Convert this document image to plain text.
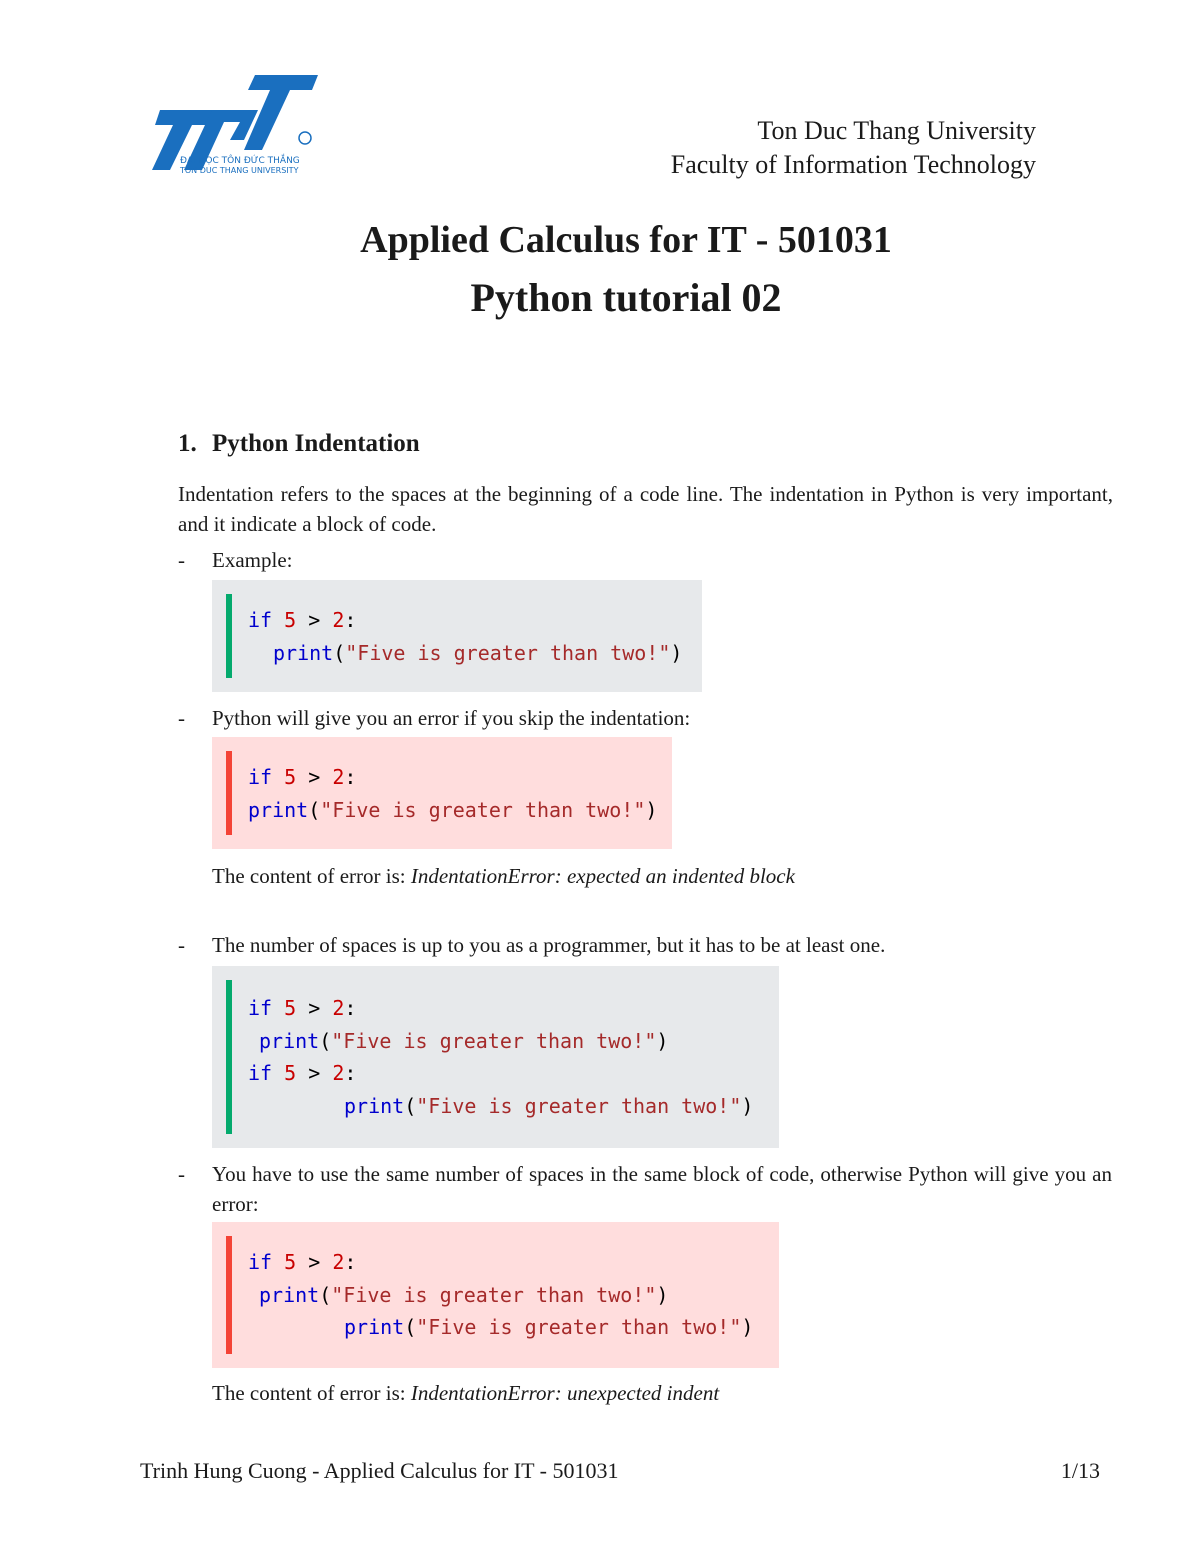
ĐẠI HỌC TÔN ĐỨC THẮNG
TON DUC THANG UNIVERSITY
Ton Duc Thang University
Faculty of Information Technology
Applied Calculus for IT - 501031
Python tutorial 02
1. Python Indentation
Indentation refers to the spaces at the beginning of a code line. The indentation in Python is very important, and it indicate a block of code.
- Example:

if 5 > 2:

print("Five is greater than two!")

- Python will give you an error if you skip the indentation:

if 5 > 2:

print("Five is greater than two!")

The content of error is: IndentationError: expected an indented block
- The number of spaces is up to you as a programmer, but it has to be at least one.

if 5 > 2:

print("Five is greater than two!")

if 5 > 2:

print("Five is greater than two!")

- You have to use the same number of spaces in the same block of code, otherwise Python will give you an error:

if 5 > 2:

print("Five is greater than two!")

print("Five is greater than two!")

The content of error is: IndentationError: unexpected indent
Trinh Hung Cuong - Applied Calculus for IT - 501031	1/13
